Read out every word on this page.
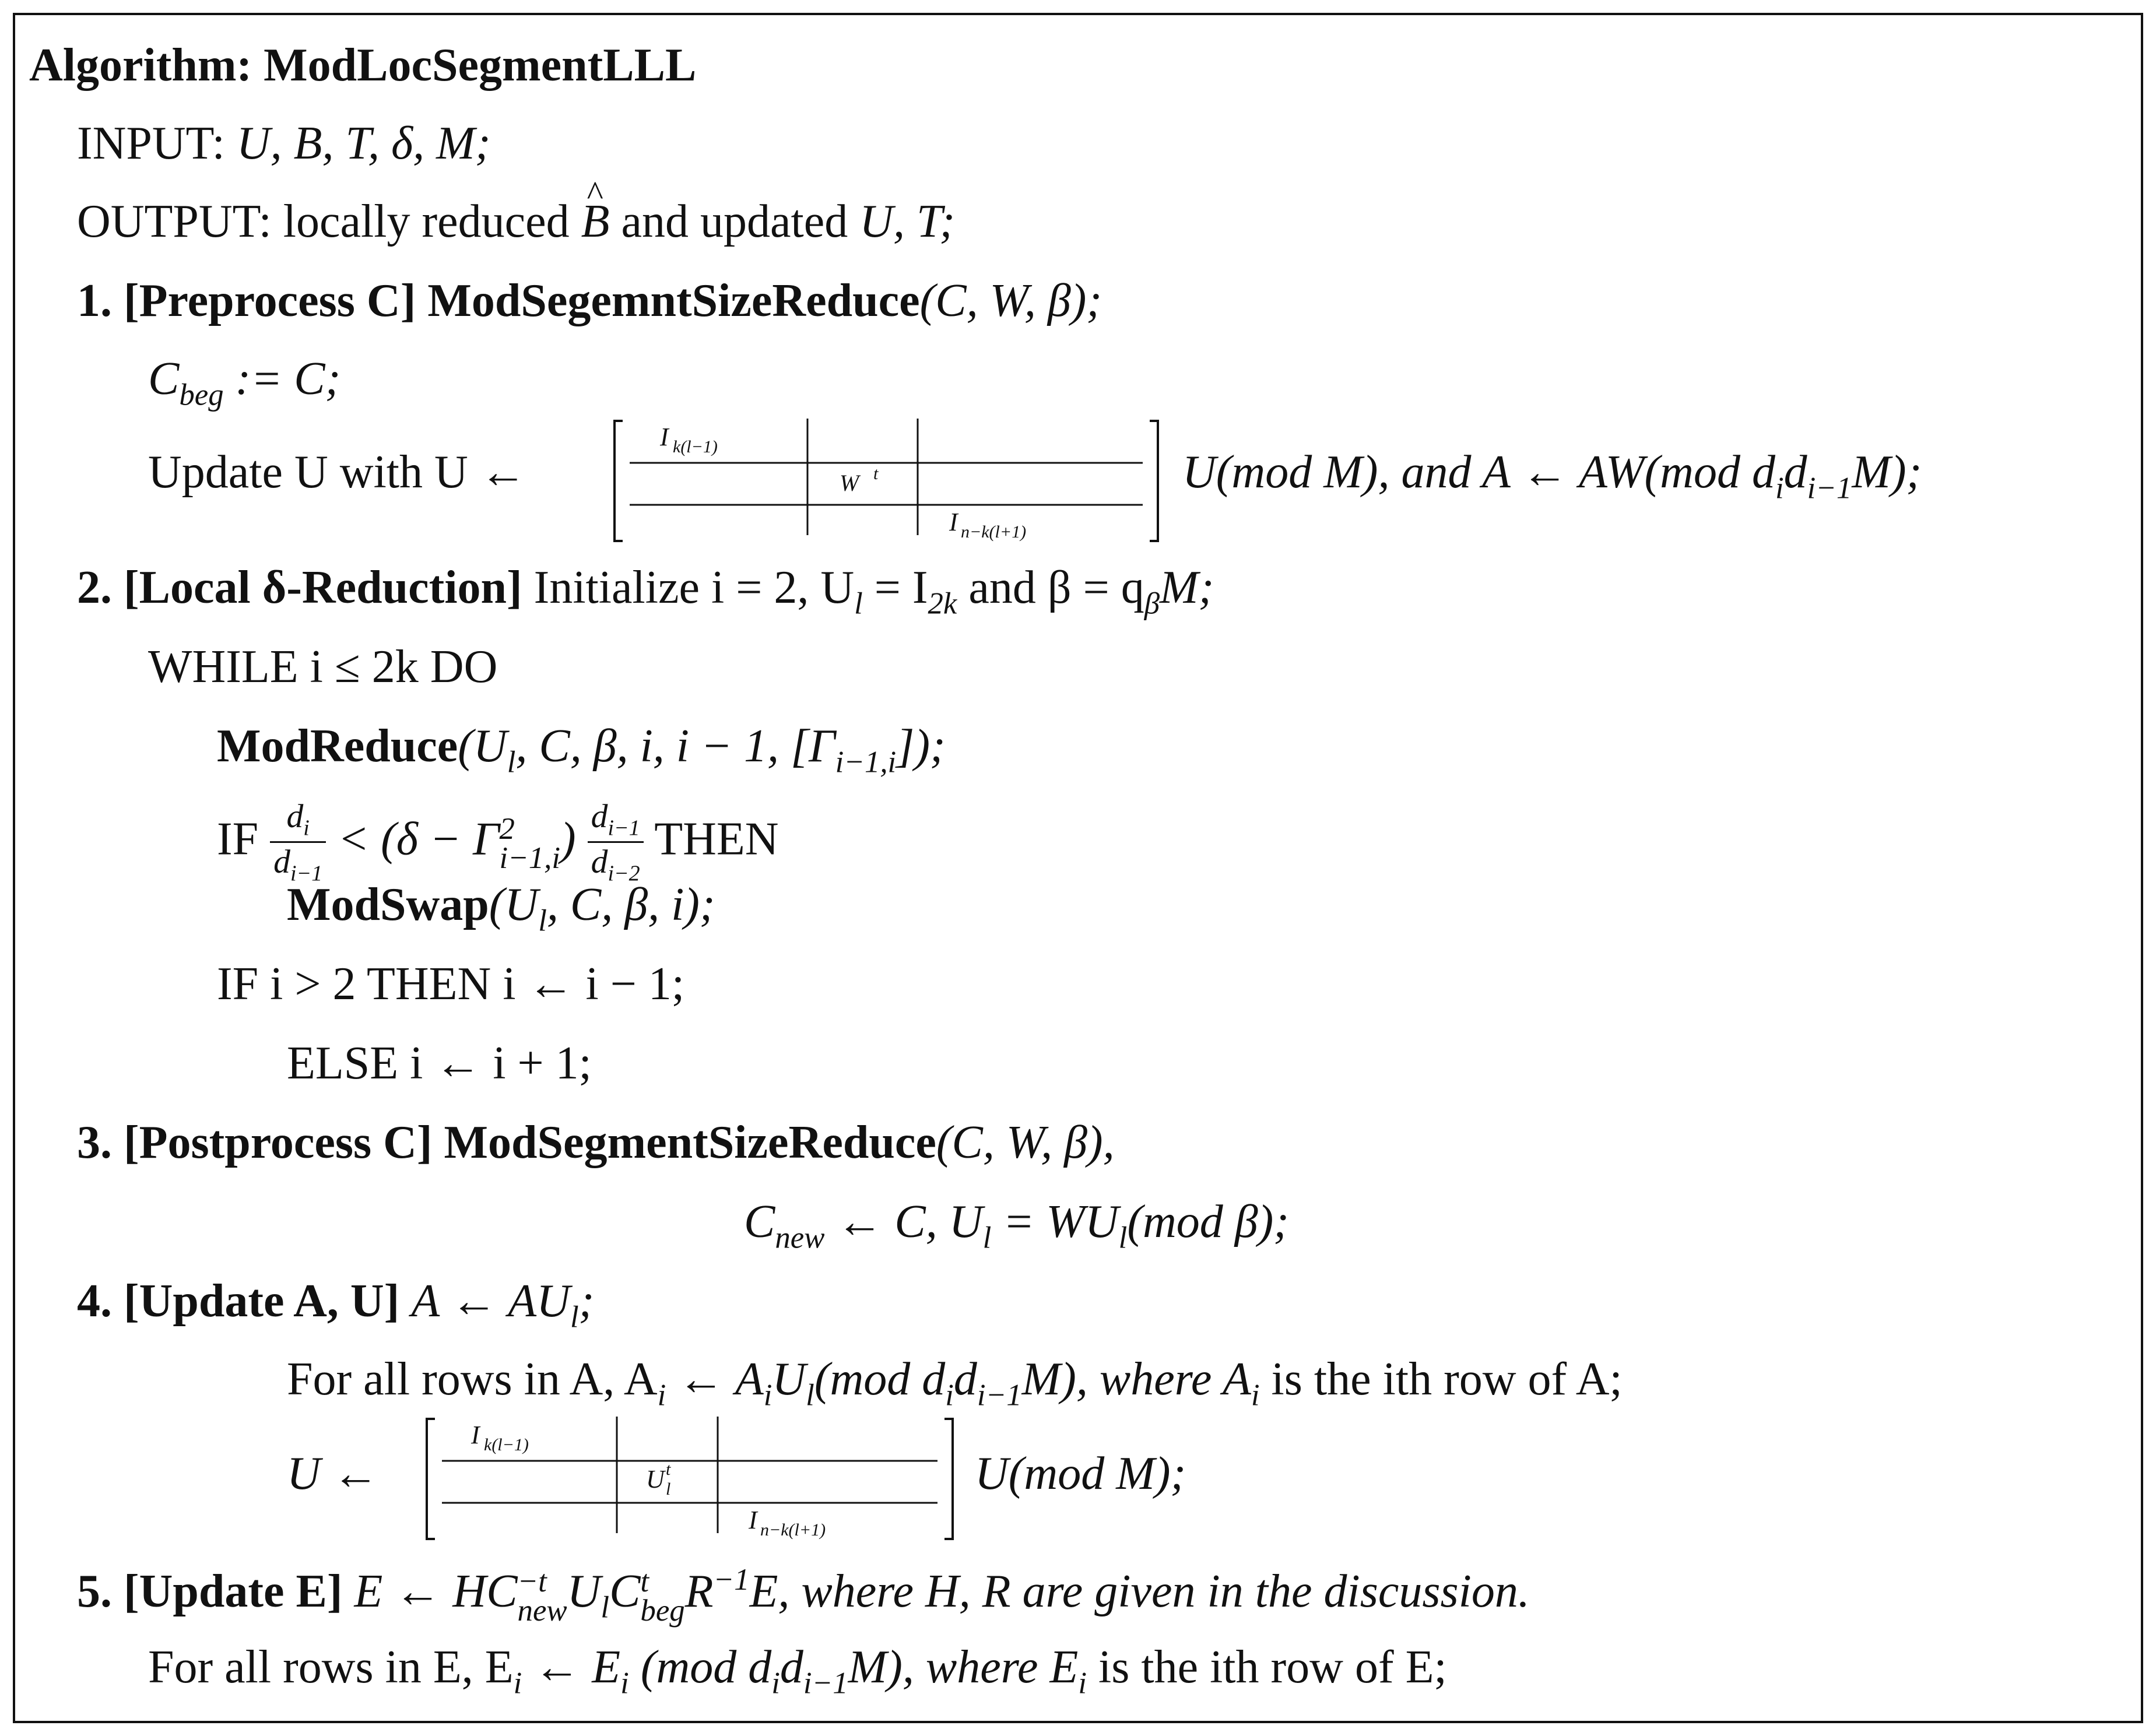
Algorithm: ModLocSegmentLLL
INPUT: U, B, T, δ, M;
OUTPUT: locally reduced ^ B and updated U, T;
1. [Preprocess C] ModSegemntSizeReduce(C, W, β);
$C_{beg}$ := C;
Update U with U ←
I k(l−1)
W t
I n−k(l+1)
U(mod M), and A ← AW(mod $d_id_{i-1}M$);
2. [Local δ-Reduction] Initialize i = 2, $U_l = I_{2k}$ and $\beta = q_\beta M$;
WHILE i ≤ 2k DO
$ModReduce(U_l$, C, β, i, i − 1, $[\Gamma_{i-1,i}]$);
IF $\frac{d_i}{d_{i-1}} < (\delta - \Gamma$ 2
i−1,i ) $\frac{d_{i-1}}{d_{i-2}}$ THEN
$ModSwap(U_l$, C, β, i);
IF i > 2 THEN i ← i − 1;
ELSE i ← i + 1;
3. [Postprocess C] ModSegmentSizeReduce(C, W, β),
$C_{new}$ ← C, $U_l = WU_l(mod$ β);
4. [Update A, U] A ← $AU_l$;
For all rows in A, $A_i$ ← $A_iU_l(mod$ $d_id_{i-1}M$), where $A_i$ is the ith row of A;
U ←
I k(l−1)
U t
l
I n−k(l+1)
U(mod M);
5. [Update E] E ← HC −t
new $U_lC$ t
beg $R^{-1}E$, where H, R are given in the discussion.
For all rows in E, $E_i$ ← $E_i$ (mod $d_id_{i-1}M$), where $E_i$ is the ith row of E;
